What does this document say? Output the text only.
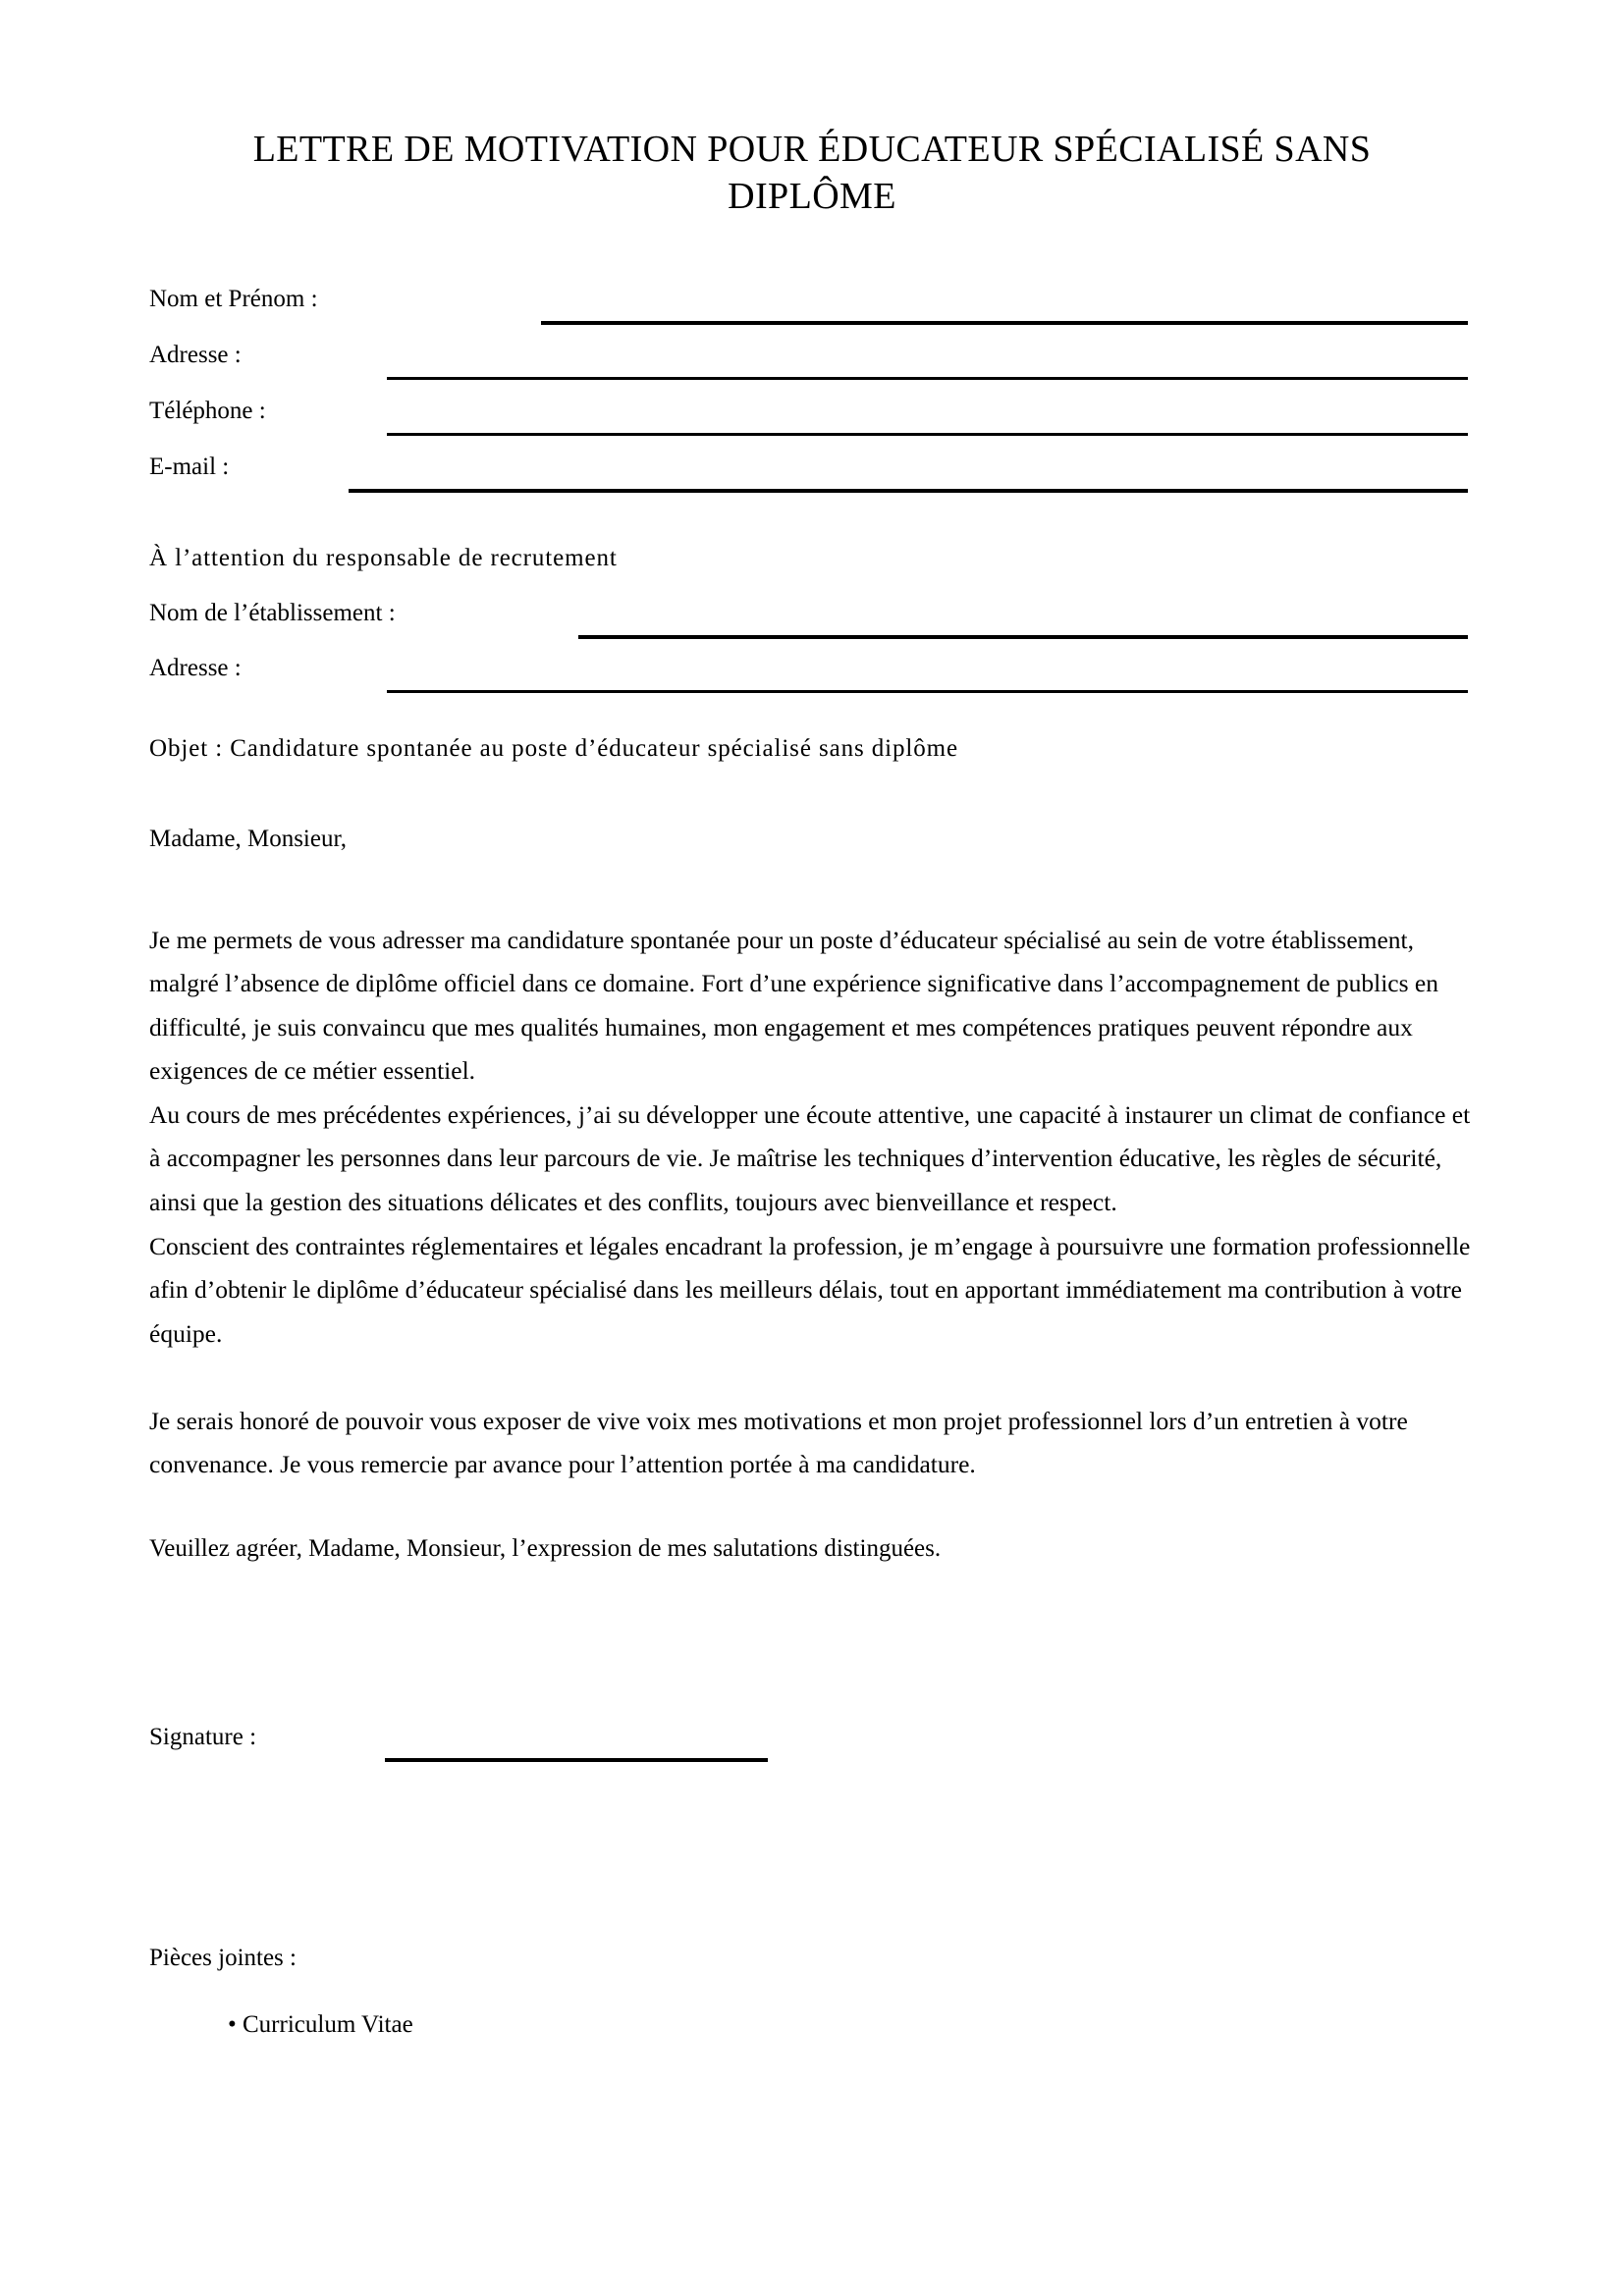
LETTRE DE MOTIVATION POUR ÉDUCATEUR SPÉCIALISÉ SANS DIPLÔME
Nom et Prénom :
Adresse :
Téléphone :
E-mail :
À l’attention du responsable de recrutement
Nom de l’établissement :
Adresse :
Objet : Candidature spontanée au poste d’éducateur spécialisé sans diplôme
Madame, Monsieur,

Je me permets de vous adresser ma candidature spontanée pour un poste d’éducateur spécialisé au sein de votre établissement, malgré l’absence de diplôme officiel dans ce domaine. Fort d’une expérience significative dans l’accompagnement de publics en difficulté, je suis convaincu que mes qualités humaines, mon engagement et mes compétences pratiques peuvent répondre aux exigences de ce métier essentiel.

Au cours de mes précédentes expériences, j’ai su développer une écoute attentive, une capacité à instaurer un climat de confiance et à accompagner les personnes dans leur parcours de vie. Je maîtrise les techniques d’intervention éducative, les règles de sécurité, ainsi que la gestion des situations délicates et des conflits, toujours avec bienveillance et respect.

Conscient des contraintes réglementaires et légales encadrant la profession, je m’engage à poursuivre une formation professionnelle afin d’obtenir le diplôme d’éducateur spécialisé dans les meilleurs délais, tout en apportant immédiatement ma contribution à votre équipe.

Je serais honoré de pouvoir vous exposer de vive voix mes motivations et mon projet professionnel lors d’un entretien à votre convenance. Je vous remercie par avance pour l’attention portée à ma candidature.

Veuillez agréer, Madame, Monsieur, l’expression de mes salutations distinguées.
Signature :
Pièces jointes :
• Curriculum Vitae
